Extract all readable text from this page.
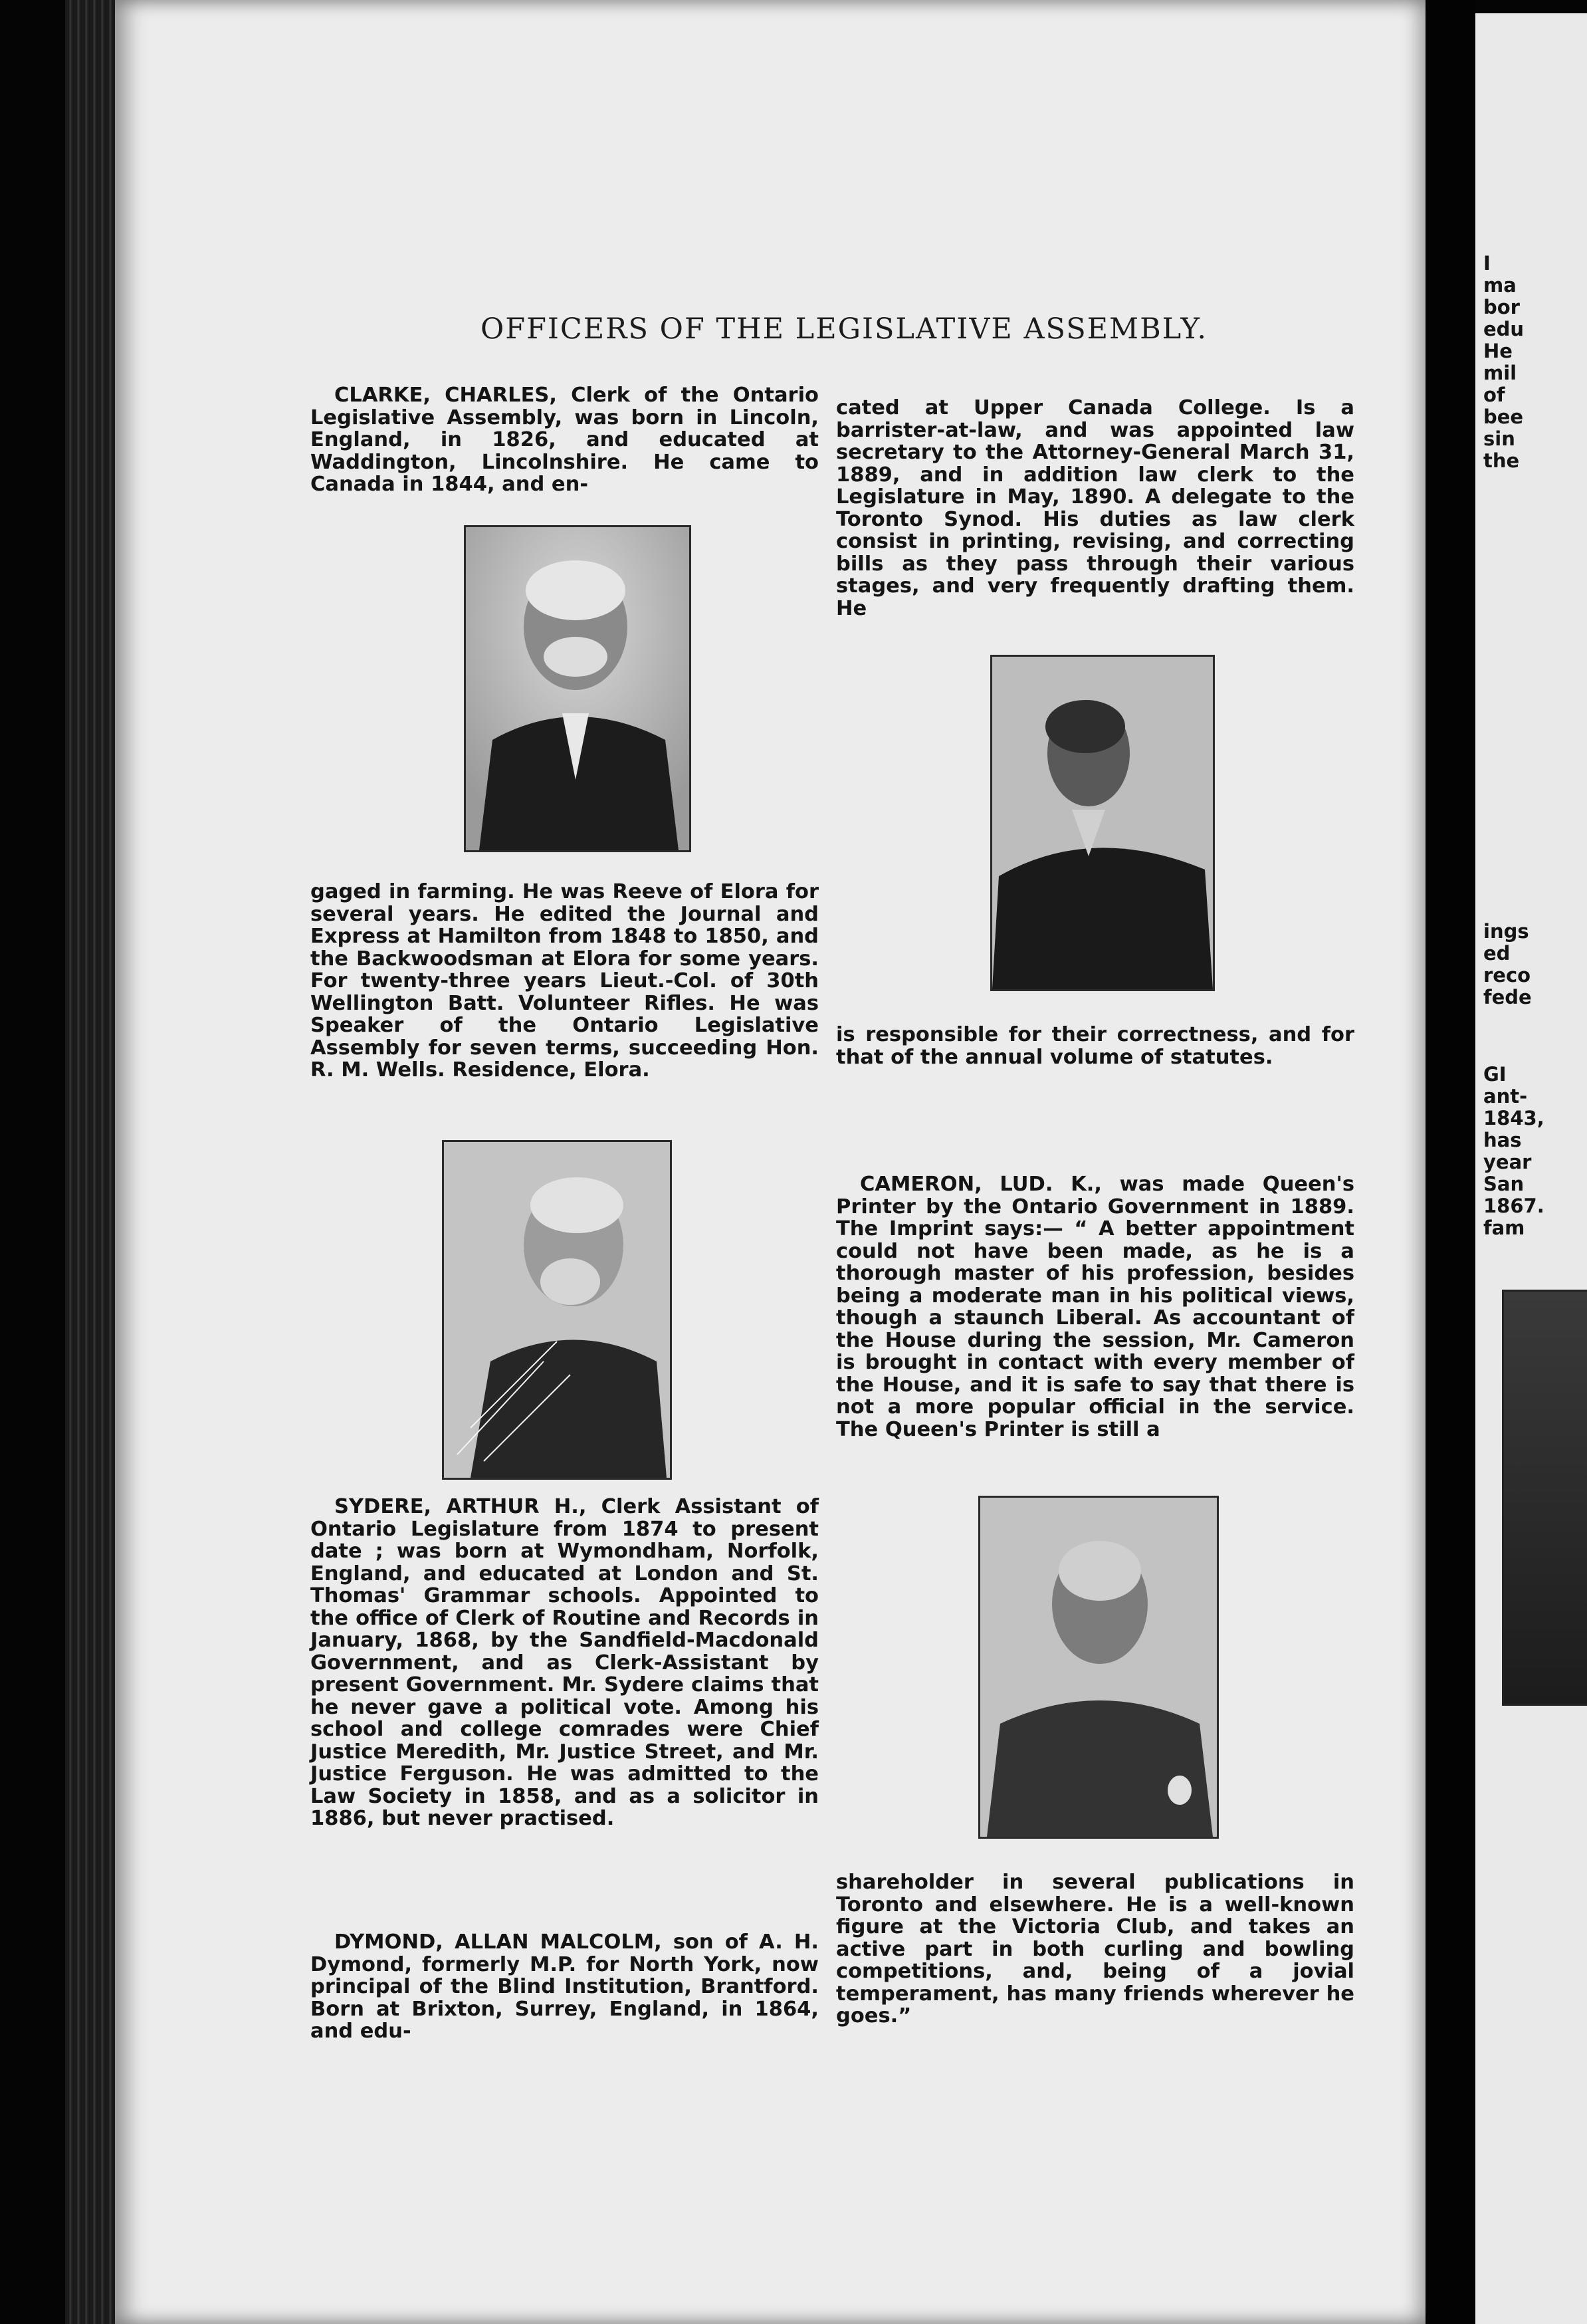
OFFICERS OF THE LEGISLATIVE ASSEMBLY.

CLARKE, CHARLES, Clerk of the Ontario Legislative Assembly, was born in Lincoln, England, in 1826, and educated at Waddington, Lincolnshire. He came to Canada in 1844, and en-

gaged in farming. He was Reeve of Elora for several years. He edited the Journal and Express at Hamilton from 1848 to 1850, and the Backwoodsman at Elora for some years. For twenty-three years Lieut.-Col. of 30th Wellington Batt. Volunteer Rifles. He was Speaker of the Ontario Legislative Assembly for seven terms, succeeding Hon. R. M. Wells. Residence, Elora.

SYDERE, ARTHUR H., Clerk Assistant of Ontario Legislature from 1874 to present date ; was born at Wymondham, Norfolk, England, and educated at London and St. Thomas' Grammar schools. Appointed to the office of Clerk of Routine and Records in January, 1868, by the Sandfield-Macdonald Government, and as Clerk-Assistant by present Government. Mr. Sydere claims that he never gave a political vote. Among his school and college comrades were Chief Justice Meredith, Mr. Justice Street, and Mr. Justice Ferguson. He was admitted to the Law Society in 1858, and as a solicitor in 1886, but never practised.

DYMOND, ALLAN MALCOLM, son of A. H. Dymond, formerly M.P. for North York, now principal of the Blind Institution, Brantford. Born at Brixton, Surrey, England, in 1864, and edu-

cated at Upper Canada College. Is a barrister-at-law, and was appointed law secretary to the Attorney-General March 31, 1889, and in addition law clerk to the Legislature in May, 1890. A delegate to the Toronto Synod. His duties as law clerk consist in printing, revising, and correcting bills as they pass through their various stages, and very frequently drafting them. He

is responsible for their correctness, and for that of the annual volume of statutes.

CAMERON, LUD. K., was made Queen's Printer by the Ontario Government in 1889. The Imprint says:— “ A better appointment could not have been made, as he is a thorough master of his profession, besides being a moderate man in his political views, though a staunch Liberal. As accountant of the House during the session, Mr. Cameron is brought in contact with every member of the House, and it is safe to say that there is not a more popular official in the service. The Queen's Printer is still a

shareholder in several publications in Toronto and elsewhere. He is a well-known figure at the Victoria Club, and takes an active part in both curling and bowling competitions, and, being of a jovial temperament, has many friends wherever he goes.”

I
ma
bor
edu
He
mil
of
bee
sin
the
ings
ed
reco
fede
GI
ant-
1843,
has
year
San
1867.
fam
